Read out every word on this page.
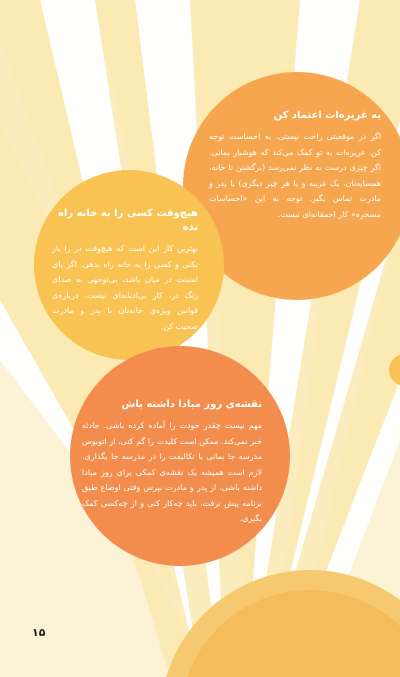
به غریزه‌ات اعتماد کن

اگر در موقعیتی راحت نیستی، به احساست توجه کن. غریزه‌ات به تو کمک می‌کند که هوشیار بمانی. اگر چیزی درست به نظر نمی‌رسد (برگشتن تا خانه، همسایه‌تان، یک غریبه و یا هر چیز دیگری) با پدر و مادرت تماس بگیر. توجه به این «احساسات مسخره» کار احمقانه‌ای نیست.

هیچ‌وقت کسی را به خانه راه نده

بهترین کار این است که هیچ‌وقت در را باز نکنی و کسی را به خانه راه ندهی. اگر پای امنیتت در میان باشد، بی‌توجهی به صدای زنگ در، کار بی‌ادبانه‌ای نیست. درباره‌ی قوانین ویژه‌ی خانه‌تان با پدر و مادرت صحبت کن.

نقشه‌ی روز مبادا داشته باش

مهم نیست چقدر خودت را آماده کرده باشی. حادثه خبر نمی‌کند. ممکن است کلیدت را گم کنی، از اتوبوس مدرسه جا بمانی یا تکالیفت را در مدرسه جا بگذاری. لازم است همیشه یک نقشه‌ی کمکی برای روز مبادا داشته باشی. از پدر و مادرت بپرس وقتی اوضاع طبق برنامه پیش نرفت، باید چه‌کار کنی و از چه‌کسی کمک بگیری.

۱۵
